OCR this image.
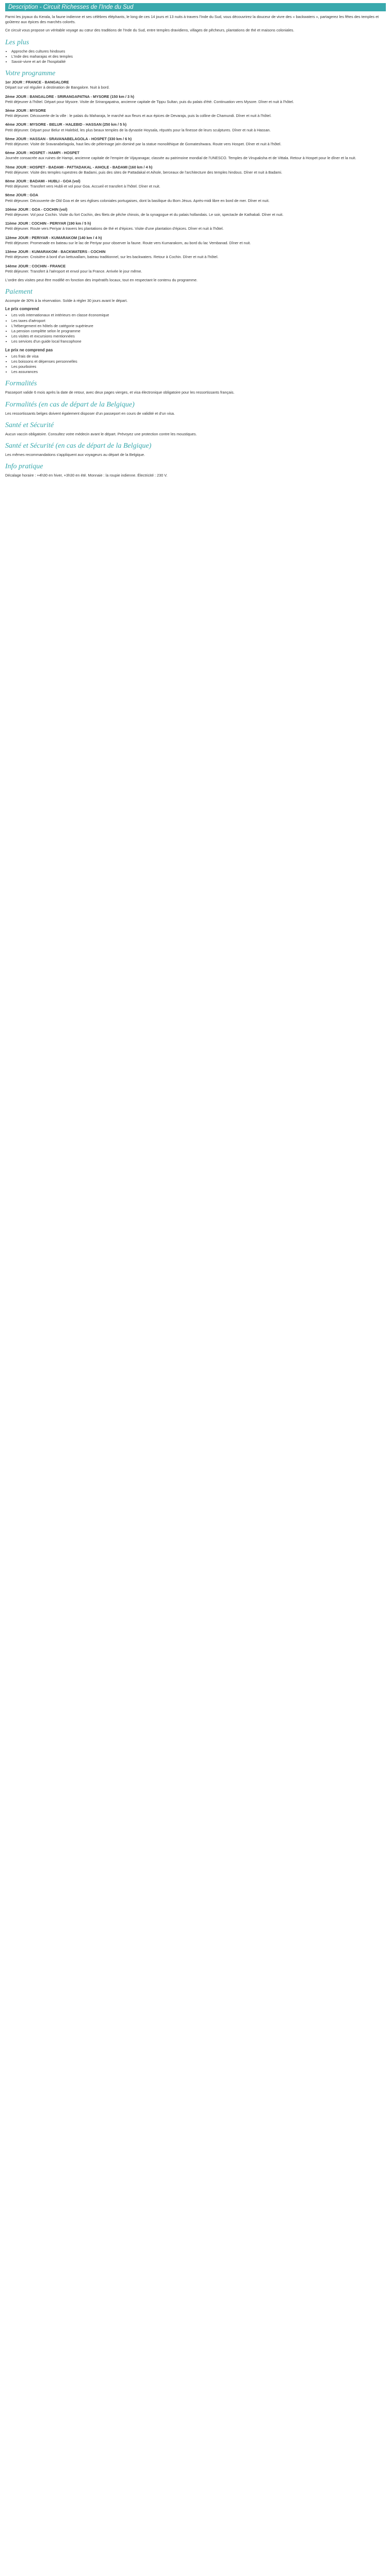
Description - Circuit Richesses de l'Inde du Sud

Parmi les joyaux du Kerala, la faune indienne et ses célèbres éléphants, le long de ces 14 jours et 13 nuits à travers l'Inde du Sud, vous découvrirez la douceur de vivre des « backwaters », partagerez les fêtes des temples et goûterez aux épices des marchés colorés.

Ce circuit vous propose un véritable voyage au cœur des traditions de l'Inde du Sud, entre temples dravidiens, villages de pêcheurs, plantations de thé et maisons coloniales.

Les plus
• Approche des cultures hindoues
• L'Inde des maharajas et des temples
• Savoir-vivre et art de l'hospitalité
Votre programme
1er JOUR : FRANCE - BANGALORE
Départ sur vol régulier à destination de Bangalore. Nuit à bord.
2ème JOUR : BANGALORE - SRIRANGAPATNA - MYSORE (150 km / 3 h)
Petit déjeuner à l'hôtel. Départ pour Mysore. Visite de Srirangapatna, ancienne capitale de Tippu Sultan, puis du palais d'été. Continuation vers Mysore. Dîner et nuit à l'hôtel.
3ème JOUR : MYSORE
Petit déjeuner. Découverte de la ville : le palais du Maharaja, le marché aux fleurs et aux épices de Devaraja, puis la colline de Chamundi. Dîner et nuit à l'hôtel.
4ème JOUR : MYSORE - BELUR - HALEBID - HASSAN (250 km / 5 h)
Petit déjeuner. Départ pour Belur et Halebid, les plus beaux temples de la dynastie Hoysala, réputés pour la finesse de leurs sculptures. Dîner et nuit à Hassan.
5ème JOUR : HASSAN - SRAVANABELAGOLA - HOSPET (330 km / 6 h)
Petit déjeuner. Visite de Sravanabelagola, haut lieu de pèlerinage jaïn dominé par la statue monolithique de Gomateshwara. Route vers Hospet. Dîner et nuit à l'hôtel.
6ème JOUR : HOSPET - HAMPI - HOSPET
Journée consacrée aux ruines de Hampi, ancienne capitale de l'empire de Vijayanagar, classée au patrimoine mondial de l'UNESCO. Temples de Virupaksha et de Vittala. Retour à Hospet pour le dîner et la nuit.
7ème JOUR : HOSPET - BADAMI - PATTADAKAL - AIHOLE - BADAMI (160 km / 4 h)
Petit déjeuner. Visite des temples rupestres de Badami, puis des sites de Pattadakal et Aihole, berceaux de l'architecture des temples hindous. Dîner et nuit à Badami.
8ème JOUR : BADAMI - HUBLI - GOA (vol)
Petit déjeuner. Transfert vers Hubli et vol pour Goa. Accueil et transfert à l'hôtel. Dîner et nuit.
9ème JOUR : GOA
Petit déjeuner. Découverte de Old Goa et de ses églises coloniales portugaises, dont la basilique du Bom Jésus. Après-midi libre en bord de mer. Dîner et nuit.
10ème JOUR : GOA - COCHIN (vol)
Petit déjeuner. Vol pour Cochin. Visite du fort Cochin, des filets de pêche chinois, de la synagogue et du palais hollandais. Le soir, spectacle de Kathakali. Dîner et nuit.
11ème JOUR : COCHIN - PERIYAR (190 km / 5 h)
Petit déjeuner. Route vers Periyar à travers les plantations de thé et d'épices. Visite d'une plantation d'épices. Dîner et nuit à l'hôtel.
12ème JOUR : PERIYAR - KUMARAKOM (140 km / 4 h)
Petit déjeuner. Promenade en bateau sur le lac de Periyar pour observer la faune. Route vers Kumarakom, au bord du lac Vembanad. Dîner et nuit.
13ème JOUR : KUMARAKOM - BACKWATERS - COCHIN
Petit déjeuner. Croisière à bord d'un kettuvallam, bateau traditionnel, sur les backwaters. Retour à Cochin. Dîner et nuit à l'hôtel.
14ème JOUR : COCHIN - FRANCE
Petit déjeuner. Transfert à l'aéroport et envol pour la France. Arrivée le jour même.

L'ordre des visites peut être modifié en fonction des impératifs locaux, tout en respectant le contenu du programme.

Paiement

Acompte de 30% à la réservation. Solde à régler 30 jours avant le départ.

Le prix comprend
• Les vols internationaux et intérieurs en classe économique
• Les taxes d'aéroport
• L'hébergement en hôtels de catégorie supérieure
• La pension complète selon le programme
• Les visites et excursions mentionnées
• Les services d'un guide local francophone
Le prix ne comprend pas
• Les frais de visa
• Les boissons et dépenses personnelles
• Les pourboires
• Les assurances
Formalités

Passeport valide 6 mois après la date de retour, avec deux pages vierges, et visa électronique obligatoire pour les ressortissants français.

Formalités (en cas de départ de la Belgique)

Les ressortissants belges doivent également disposer d'un passeport en cours de validité et d'un visa.

Santé et Sécurité

Aucun vaccin obligatoire. Consultez votre médecin avant le départ. Prévoyez une protection contre les moustiques.

Santé et Sécurité (en cas de départ de la Belgique)

Les mêmes recommandations s'appliquent aux voyageurs au départ de la Belgique.

Info pratique

Décalage horaire : +4h30 en hiver, +3h30 en été. Monnaie : la roupie indienne. Électricité : 230 V.
